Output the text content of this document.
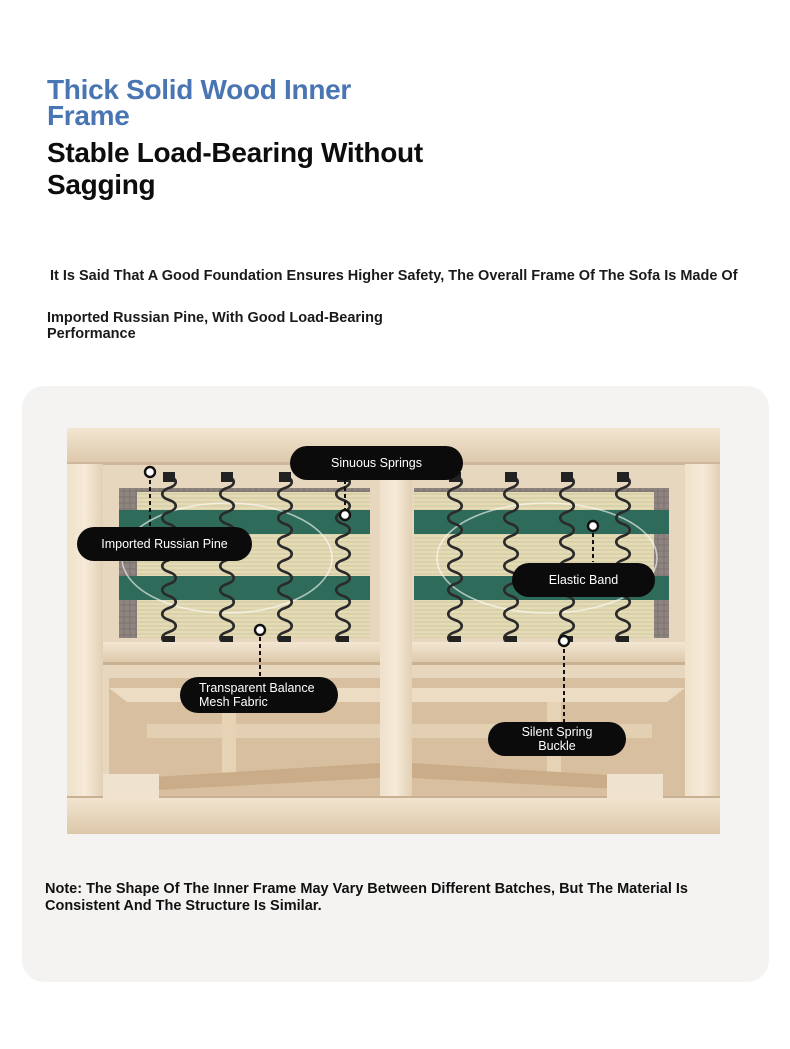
Thick Solid Wood Inner Frame
Stable Load-Bearing Without Sagging

It Is Said That A Good Foundation Ensures Higher Safety, The Overall Frame Of The Sofa Is Made Of

Imported Russian Pine, With Good Load-Bearing Performance

Sinuous Springs
Imported Russian Pine
Elastic Band
Transparent Balance
Mesh Fabric
Silent Spring Buckle

Note: The Shape Of The Inner Frame May Vary Between Different Batches, But The Material Is Consistent And The Structure Is Similar.
